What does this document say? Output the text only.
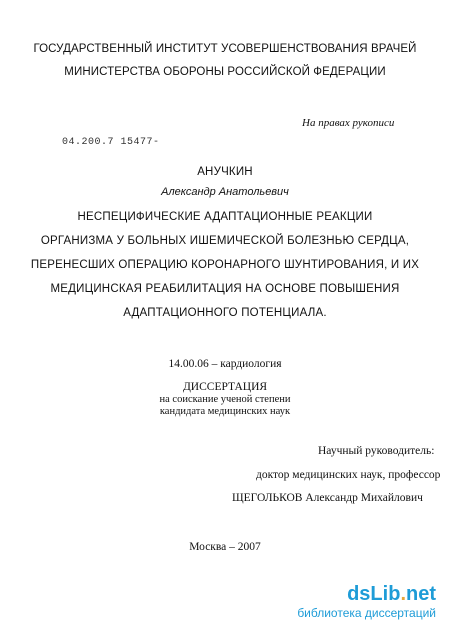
ГОСУДАРСТВЕННЫЙ ИНСТИТУТ УСОВЕРШЕНСТВОВАНИЯ ВРАЧЕЙ
МИНИСТЕРСТВА ОБОРОНЫ РОССИЙСКОЙ ФЕДЕРАЦИИ
На правах рукописи
04.200.7 15477-
АНУЧКИН
Александр Анатольевич
НЕСПЕЦИФИЧЕСКИЕ АДАПТАЦИОННЫЕ РЕАКЦИИ
ОРГАНИЗМА У БОЛЬНЫХ ИШЕМИЧЕСКОЙ БОЛЕЗНЬЮ СЕРДЦА,
ПЕРЕНЕСШИХ ОПЕРАЦИЮ КОРОНАРНОГО ШУНТИРОВАНИЯ, И ИХ
МЕДИЦИНСКАЯ РЕАБИЛИТАЦИЯ НА ОСНОВЕ ПОВЫШЕНИЯ
АДАПТАЦИОННОГО ПОТЕНЦИАЛА.
14.00.06 – кардиология
ДИССЕРТАЦИЯ
на соискание ученой степени
кандидата медицинских наук
Научный руководитель:
доктор медицинских наук, профессор
ЩЕГОЛЬКОВ Александр Михайлович
Москва – 2007
dsLib.net
библиотека диссертаций
